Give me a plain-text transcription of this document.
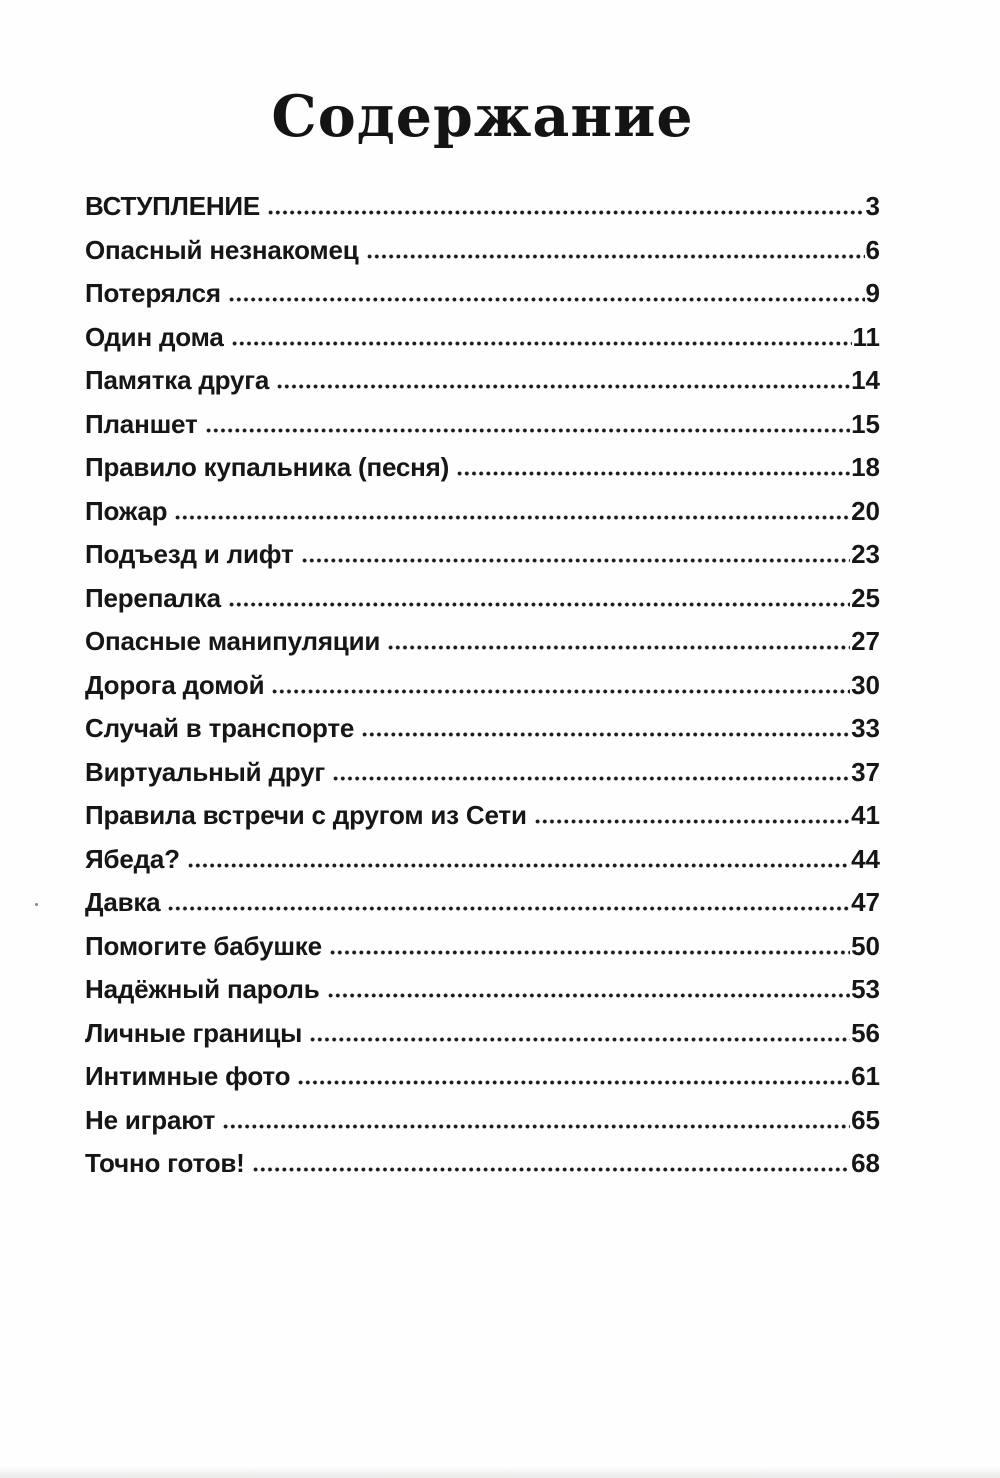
Содержание
ВСТУПЛЕНИЕ	3
Опасный незнакомец	6
Потерялся	9
Один дома	11
Памятка друга	14
Планшет	15
Правило купальника (песня)	18
Пожар	20
Подъезд и лифт	23
Перепалка	25
Опасные манипуляции	27
Дорога домой	30
Случай в транспорте	33
Виртуальный друг	37
Правила встречи с другом из Сети	41
Ябеда?	44
Давка	47
Помогите бабушке	50
Надёжный пароль	53
Личные границы	56
Интимные фото	61
Не играют	65
Точно готов!	68
